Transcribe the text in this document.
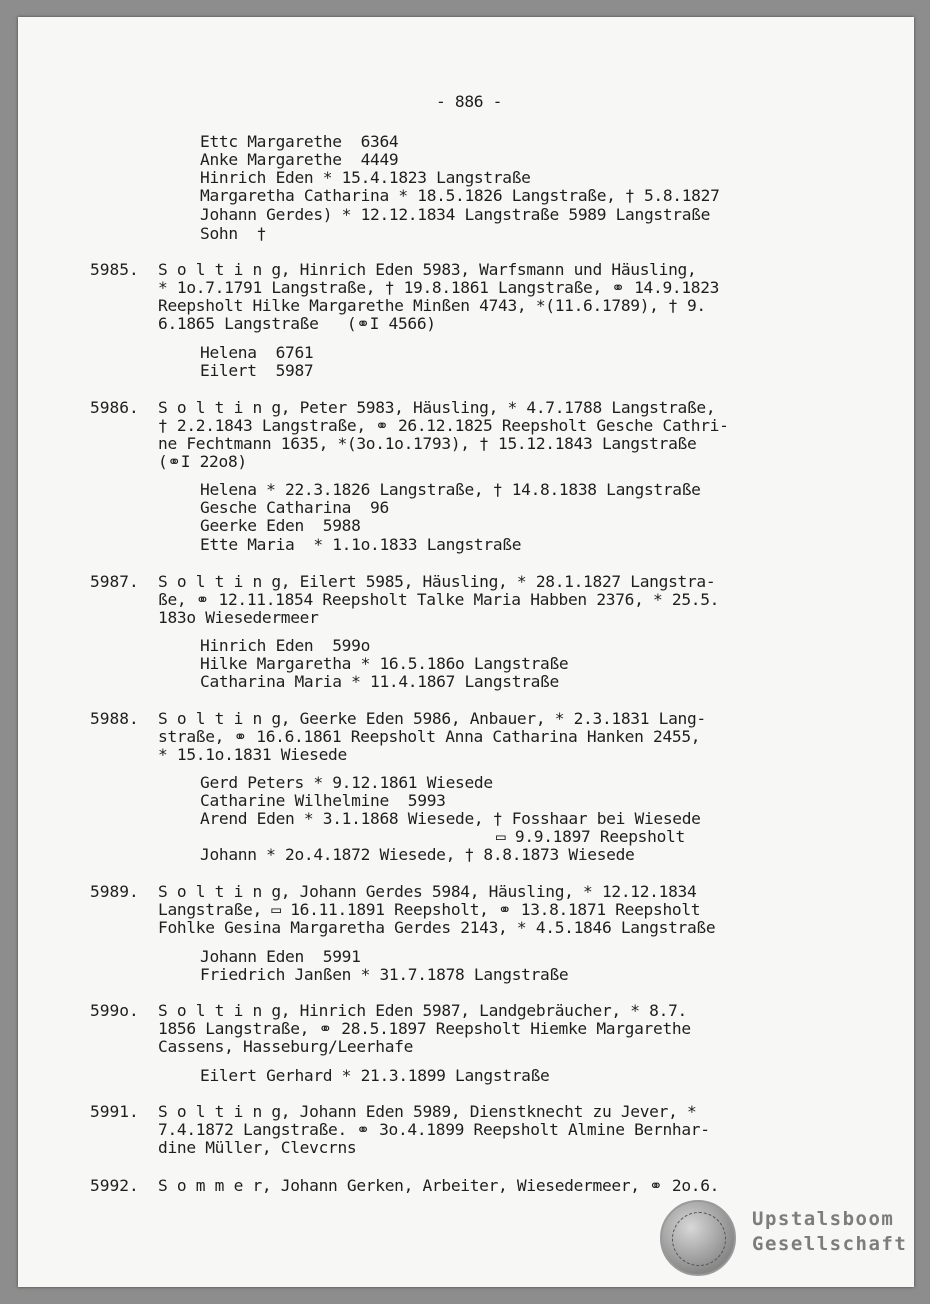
- 886 -
Ettc Margarethe  6364
Anke Margarethe  4449
Hinrich Eden * 15.4.1823 Langstraße
Margaretha Catharina * 18.5.1826 Langstraße, † 5.8.1827
Johann Gerdes) * 12.12.1834 Langstraße 5989 Langstraße
Sohn  †
5985. S o l t i n g, Hinrich Eden 5983, Warfsmann und Häusling,
* 1o.7.1791 Langstraße, † 19.8.1861 Langstraße, ⚭ 14.9.1823
Reepsholt Hilke Margarethe Minßen 4743, *(11.6.1789), † 9.
6.1865 Langstraße   (⚭I 4566)
Helena  6761
Eilert  5987
5986. S o l t i n g, Peter 5983, Häusling, * 4.7.1788 Langstraße,
† 2.2.1843 Langstraße, ⚭ 26.12.1825 Reepsholt Gesche Cathri-
ne Fechtmann 1635, *(3o.1o.1793), † 15.12.1843 Langstraße
(⚭I 22o8)
Helena * 22.3.1826 Langstraße, † 14.8.1838 Langstraße
Gesche Catharina  96
Geerke Eden  5988
Ette Maria  * 1.1o.1833 Langstraße
5987. S o l t i n g, Eilert 5985, Häusling, * 28.1.1827 Langstra-
ße, ⚭ 12.11.1854 Reepsholt Talke Maria Habben 2376, * 25.5.
183o Wiesedermeer
Hinrich Eden  599o
Hilke Margaretha * 16.5.186o Langstraße
Catharina Maria * 11.4.1867 Langstraße
5988. S o l t i n g, Geerke Eden 5986, Anbauer, * 2.3.1831 Lang-
straße, ⚭ 16.6.1861 Reepsholt Anna Catharina Hanken 2455,
* 15.1o.1831 Wiesede
Gerd Peters * 9.12.1861 Wiesede
Catharine Wilhelmine  5993
Arend Eden * 3.1.1868 Wiesede, † Fosshaar bei Wiesede
▭ 9.9.1897 Reepsholt
Johann * 2o.4.1872 Wiesede, † 8.8.1873 Wiesede
5989. S o l t i n g, Johann Gerdes 5984, Häusling, * 12.12.1834
Langstraße, ▭ 16.11.1891 Reepsholt, ⚭ 13.8.1871 Reepsholt
Fohlke Gesina Margaretha Gerdes 2143, * 4.5.1846 Langstraße
Johann Eden  5991
Friedrich Janßen * 31.7.1878 Langstraße
599o. S o l t i n g, Hinrich Eden 5987, Landgebräucher, * 8.7.
1856 Langstraße, ⚭ 28.5.1897 Reepsholt Hiemke Margarethe
Cassens, Hasseburg/Leerhafe
Eilert Gerhard * 21.3.1899 Langstraße
5991. S o l t i n g, Johann Eden 5989, Dienstknecht zu Jever, *
7.4.1872 Langstraße. ⚭ 3o.4.1899 Reepsholt Almine Bernhar-
dine Müller, Clevcrns
5992. S o m m e r, Johann Gerken, Arbeiter, Wiesedermeer, ⚭ 2o.6.
Upstalsboom
Gesellschaft
